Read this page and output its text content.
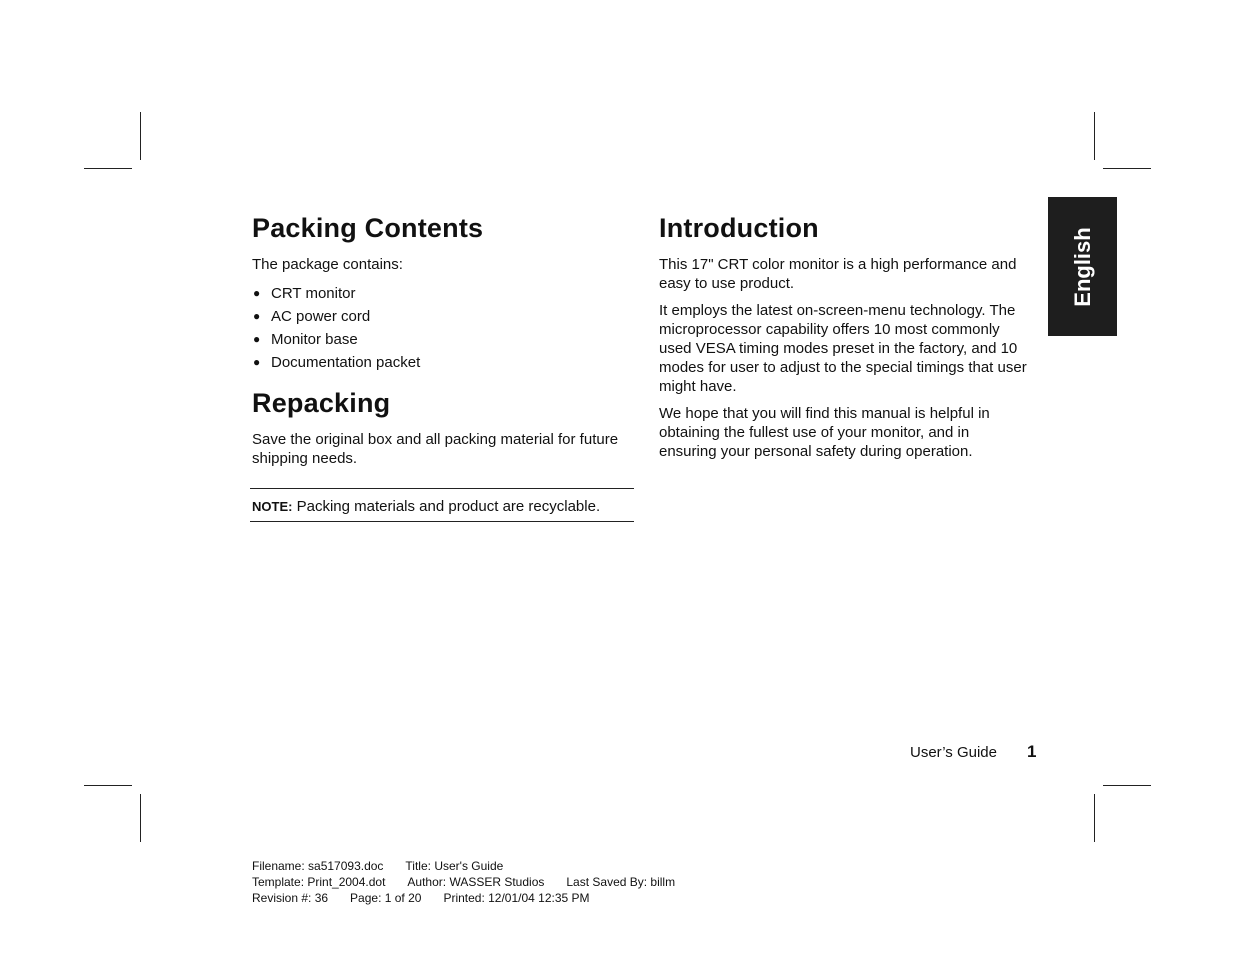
Packing Contents

The package contains:

● CRT monitor
● AC power cord
● Monitor base
● Documentation packet
Repacking

Save the original box and all packing material for future shipping needs.

NOTE: Packing materials and product are recyclable.
Introduction

This 17" CRT color monitor is a high performance and easy to use product.

It employs the latest on-screen-menu technology. The microprocessor capability offers 10 most commonly used VESA timing modes preset in the factory, and 10 modes for user to adjust to the special timings that user might have.

We hope that you will find this manual is helpful in obtaining the fullest use of your monitor, and in ensuring your personal safety during operation.

English
User’s Guide 1
Filename: sa517093.doc Title: User's Guide
Template: Print_2004.dot Author: WASSER Studios Last Saved By: billm
Revision #: 36 Page: 1 of 20 Printed: 12/01/04 12:35 PM
